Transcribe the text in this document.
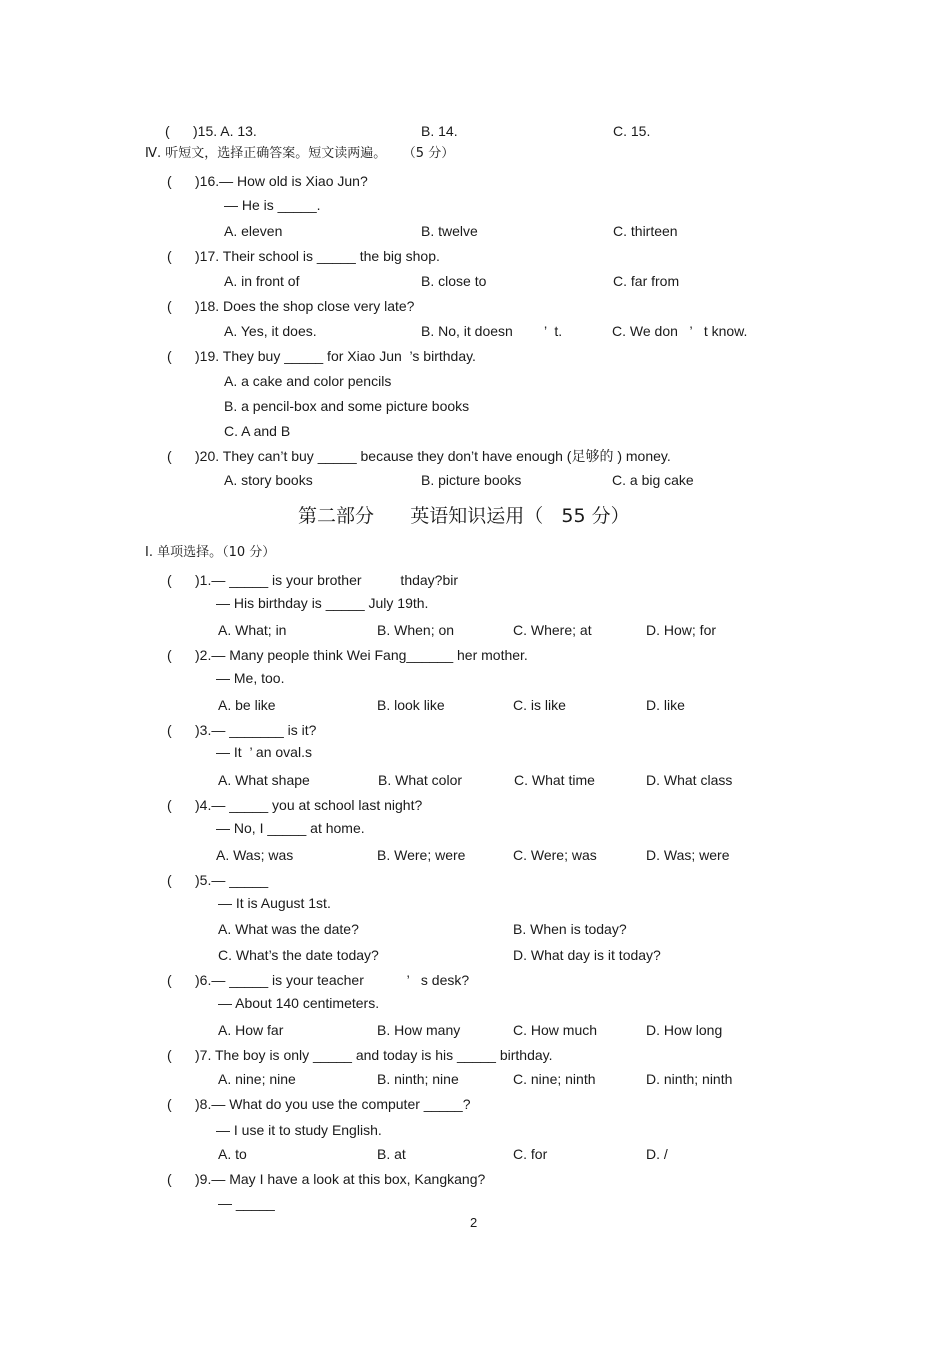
(      )15. A. 13.	B. 14.	C. 15.
Ⅳ. 听短文，选择正确答案。短文读两遍。    （5 分）
(      )16.— How old is Xiao Jun?
— He is _____.
A. eleven	B. twelve	C. thirteen
(      )17. Their school is _____ the big shop.
A. in front of	B. close to	C. far from
(      )18. Does the shop close very late?
A. Yes, it does.	B. No, it doesn        ’  t.	C. We don   ’   t know.
(      )19. They buy _____ for Xiao Jun  ’s birthday.
A. a cake and color pencils
B. a pencil-box and some picture books
C. A and B
(      )20. They can’t buy _____ because they don’t have enough (足够的 ) money.
A. story books	B. picture books	C. a big cake
第二部分      英语知识运用（   55 分）
Ⅰ. 单项选择。（10 分）
(      )1.— _____ is your brother          thday?bir
— His birthday is _____ July 19th.
A. What; in	B. When; on	C. Where; at	D. How; for
(      )2.— Many people think Wei Fang______ her mother.
— Me, too.
A. be like	B. look like	C. is like	D. like
(      )3.— _______ is it?
— It  ’ an oval.s
A. What shape	B. What color	C. What time	D. What class
(      )4.— _____ you at school last night?
— No, I _____ at home.
A. Was; was	B. Were; were	C. Were; was	D. Was; were
(      )5.— _____
— It is August 1st.
A. What was the date?	B. When is today?
C. What’s the date today?	D. What day is it today?
(      )6.— _____ is your teacher           ’   s desk?
— About 140 centimeters.
A. How far	B. How many	C. How much	D. How long
(      )7. The boy is only _____ and today is his _____ birthday.
A. nine; nine	B. ninth; nine	C. nine; ninth	D. ninth; ninth
(      )8.— What do you use the computer _____?
— I use it to study English.
A. to	B. at	C. for	D. /
(      )9.— May I have a look at this box, Kangkang?
— _____
2
